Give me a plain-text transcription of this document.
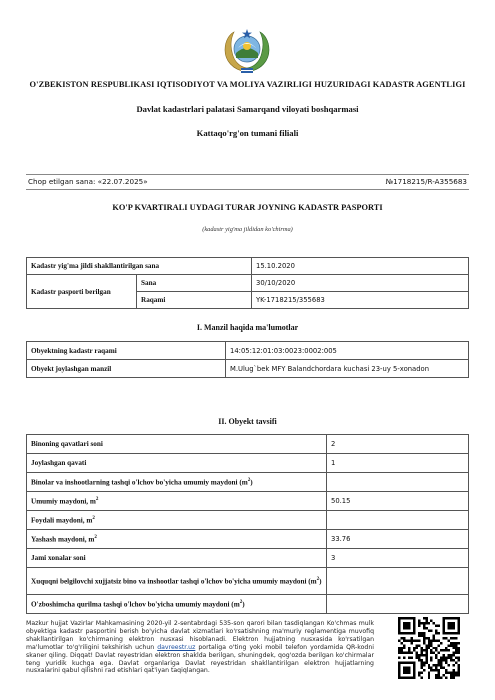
O'ZBEKISTON RESPUBLIKASI IQTISODIYOT VA MOLIYA VAZIRLIGI HUZURIDAGI KADASTR AGENTLIGI
Davlat kadastrlari palatasi Samarqand viloyati boshqarmasi
Kattaqo'rg'on tumani filiali
Chop etilgan sana: «22.07.2025»	№1718215/R-A355683
KO'P KVARTIRALI UYDAGI TURAR JOYNING KADASTR PASPORTI
(kadastr yig'ma jildidan ko'chirma)
Kadastr yig'ma jildi shakllantirilgan sana		15.10.2020
Kadastr pasporti berilgan	Sana	30/10/2020
	Raqami	YK-1718215/355683
I. Manzil haqida ma'lumotlar
Obyektning kadastr raqami	14:05:12:01:03:0023:0002:005
Obyekt joylashgan manzil	M.Ulug`bek MFY Balandchordara kuchasi 23-uy 5-xonadon
II. Obyekt tavsifi
Binoning qavatlari soni	2
Joylashgan qavati	1
Binolar va inshootlarning tashqi o'lchov bo'yicha umumiy maydoni $(m^2)$	
Umumiy maydoni, $m^2$	50.15
Foydali maydoni, $m^2$	
Yashash maydoni, $m^2$	33.76
Jami xonalar soni	3
Xuquqni belgilovchi xujjatsiz bino va inshootlar tashqi o'lchov bo'yicha umumiy maydoni $(m^2)$	
O'zboshimcha qurilma tashqi o'lchov bo'yicha umumiy maydoni $(m^2)$	
Mazkur hujjat Vazirlar Mahkamasining 2020-yil 2-sentabrdagi 535-son qarori bilan tasdiqlangan Ko'chmas mulk obyektiga kadastr pasportini berish bo'yicha davlat xizmatlari ko'rsatishning ma'muriy reglamentiga muvofiq shakllantirilgan ko'chirmaning elektron nusxasi hisoblanadi. Elektron hujjatning nusxasida ko'rsatilgan ma'lumotlar to'g'riligini tekshirish uchun davreestr.uz portaliga o'ting yoki mobil telefon yordamida QR-kodni skaner qiling. Diqqat! Davlat reyestridan elektron shaklda berilgan, shuningdek, qog'ozda berilgan ko'chirmalar teng yuridik kuchga ega. Davlat organlariga Davlat reyestridan shakllantirilgan elektron hujjatlarning nusxalarini qabul qilishni rad etishlari qat'iyan taqiqlangan.
